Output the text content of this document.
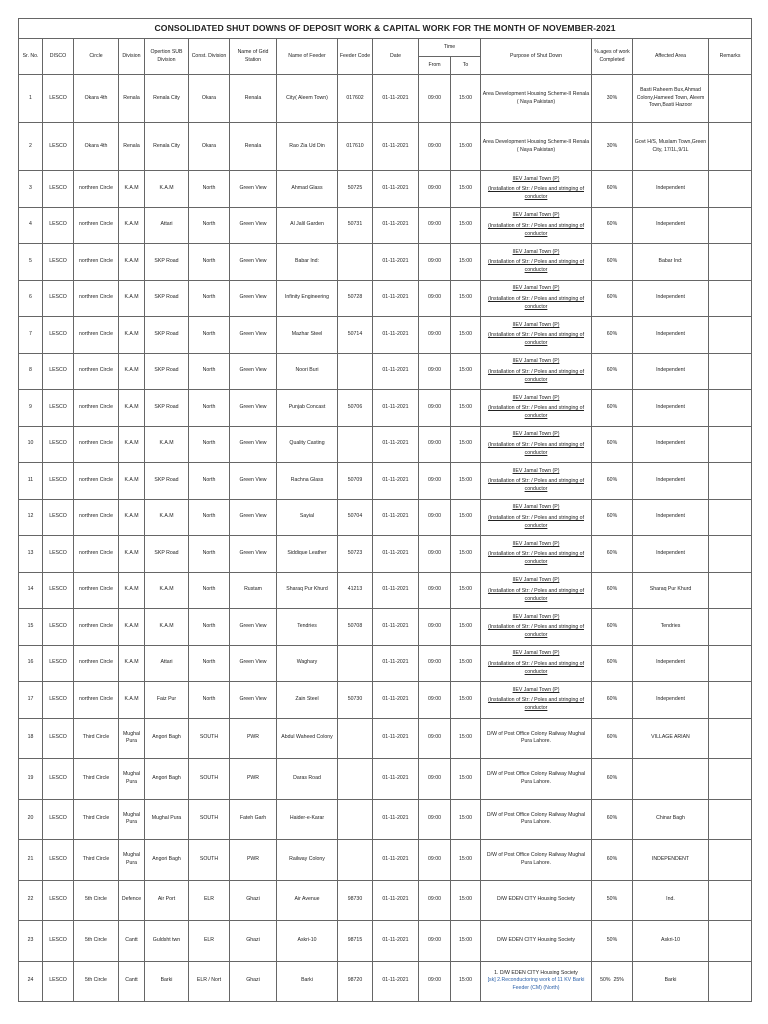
CONSOLIDATED SHUT DOWNS OF DEPOSIT WORK & CAPITAL WORK FOR THE MONTH OF NOVEMBER-2021															
Sr. No.	DISCO	Circle	Division	Opertion SUB Division	Const. Division	Name of Grid Station	Name of Feeder	Feeder Code	Date	Time		Purpose of Shut Down	%.ages of work Completed	Affected Area	Remarks
										From	To				
1	LESCO	Okara 4th	Renala	Renala City	Okara	Renala	City( Aleem Town)	017602	01-11-2021	09:00	15:00	Area Development Housing Scheme-II Renala ( Naya Pakistan)	30%	Basti Raheem Bux,Ahmad Colony,Hameed Town, Aleem Town,Basti Hazoor	
2	LESCO	Okara 4th	Renala	Renala City	Okara	Renala	Rao Zia Ud Din	017610	01-11-2021	09:00	15:00	Area Development Housing Scheme-II Renala ( Naya Pakistan)	30%	Govt H/S, Muslam Town,Green City, 17/1L,9/1L	
3	LESCO	northren Circle	K.A.M	K.A.M	North	Green View	Ahmad Glass	50725	01-11-2021	09:00	15:00	IIEV Jamal Town (P)
(Installation of Str: / Poles and stringing of conductor	60%	Independent	
4	LESCO	northren Circle	K.A.M	Attari	North	Green View	Al Jalil Garden	50731	01-11-2021	09:00	15:00	IIEV Jamal Town (P)
(Installation of Str: / Poles and stringing of conductor	60%	Independent	
5	LESCO	northren Circle	K.A.M	SKP Road	North	Green View	Babar Ind:		01-11-2021	09:00	15:00	IIEV Jamal Town (P)
(Installation of Str: / Poles and stringing of conductor	60%	Babar Ind:	
6	LESCO	northren Circle	K.A.M	SKP Road	North	Green View	Infinity Engineering	50728	01-11-2021	09:00	15:00	IIEV Jamal Town (P)
(Installation of Str: / Poles and stringing of conductor	60%	Independent	
7	LESCO	northren Circle	K.A.M	SKP Road	North	Green View	Mazhar Steel	50714	01-11-2021	09:00	15:00	IIEV Jamal Town (P)
(Installation of Str: / Poles and stringing of conductor	60%	Independent	
8	LESCO	northren Circle	K.A.M	SKP Road	North	Green View	Noori Buri		01-11-2021	09:00	15:00	IIEV Jamal Town (P)
(Installation of Str: / Poles and stringing of conductor	60%	Independent	
9	LESCO	northren Circle	K.A.M	SKP Road	North	Green View	Punjab Concast	50706	01-11-2021	09:00	15:00	IIEV Jamal Town (P)
(Installation of Str: / Poles and stringing of conductor	60%	Independent	
10	LESCO	northren Circle	K.A.M	K.A.M	North	Green View	Quality Casting		01-11-2021	09:00	15:00	IIEV Jamal Town (P)
(Installation of Str: / Poles and stringing of conductor	60%	Independent	
11	LESCO	northren Circle	K.A.M	SKP Road	North	Green View	Rachna Glass	50709	01-11-2021	09:00	15:00	IIEV Jamal Town (P)
(Installation of Str: / Poles and stringing of conductor	60%	Independent	
12	LESCO	northren Circle	K.A.M	K.A.M	North	Green View	Sayial	50704	01-11-2021	09:00	15:00	IIEV Jamal Town (P)
(Installation of Str: / Poles and stringing of conductor	60%	Independent	
13	LESCO	northren Circle	K.A.M	SKP Road	North	Green View	Siddique Leather	50723	01-11-2021	09:00	15:00	IIEV Jamal Town (P)
(Installation of Str: / Poles and stringing of conductor	60%	Independent	
14	LESCO	northren Circle	K.A.M	K.A.M	North	Rustam	Sharaq Pur Khurd	41213	01-11-2021	09:00	15:00	IIEV Jamal Town (P)
(Installation of Str: / Poles and stringing of conductor	60%	Sharaq Pur Khurd	
15	LESCO	northren Circle	K.A.M	K.A.M	North	Green View	Tendries	50708	01-11-2021	09:00	15:00	IIEV Jamal Town (P)
(Installation of Str: / Poles and stringing of conductor	60%	Tendries	
16	LESCO	northren Circle	K.A.M	Attari	North	Green View	Waghary		01-11-2021	09:00	15:00	IIEV Jamal Town (P)
(Installation of Str: / Poles and stringing of conductor	60%	Independent	
17	LESCO	northren Circle	K.A.M	Faiz Pur	North	Green View	Zain Steel	50730	01-11-2021	09:00	15:00	IIEV Jamal Town (P)
(Installation of Str: / Poles and stringing of conductor	60%	Independent	
18	LESCO	Third Circle	Mughal Pura	Angori Bagh	SOUTH	PWR	Abdul Waheed Colony		01-11-2021	09:00	15:00	D/W of Post Office Colony Railway Mughal Pura Lahore.	60%	VILLAGE ARIAN	
19	LESCO	Third Circle	Mughal Pura	Angori Bagh	SOUTH	PWR	Daras Road		01-11-2021	09:00	15:00	D/W of Post Office Colony Railway Mughal Pura Lahore.	60%		
20	LESCO	Third Circle	Mughal Pura	Mughal Pura	SOUTH	Fateh Garh	Haider-e-Karar		01-11-2021	09:00	15:00	D/W of Post Office Colony Railway Mughal Pura Lahore.	60%	Chinar Bagh	
21	LESCO	Third Circle	Mughal Pura	Angori Bagh	SOUTH	PWR	Railway Colony		01-11-2021	09:00	15:00	D/W of Post Office Colony Railway Mughal Pura Lahore.	60%	INDEPENDENT	
22	LESCO	5th Circle	Defence	Air Port	ELR	Ghazi	Air Avenue	98730	01-11-2021	09:00	15:00	D/W EDEN CITY Housing Society	50%	Ind.	
23	LESCO	5th Circle	Cantt	Guldsht twn	ELR	Ghazi	Askri-10	98715	01-11-2021	09:00	15:00	D/W EDEN CITY Housing Society	50%	Askri-10	
24	LESCO	5th Circle	Cantt	Barki	ELR / Nort	Ghazi	Barki	98720	01-11-2021	09:00	15:00	1. D/W EDEN CITY Housing Society
[sk] 2.Reconductoring work of 11 KV Barki Feeder (CM) (North)	50% 25%	Barki	
